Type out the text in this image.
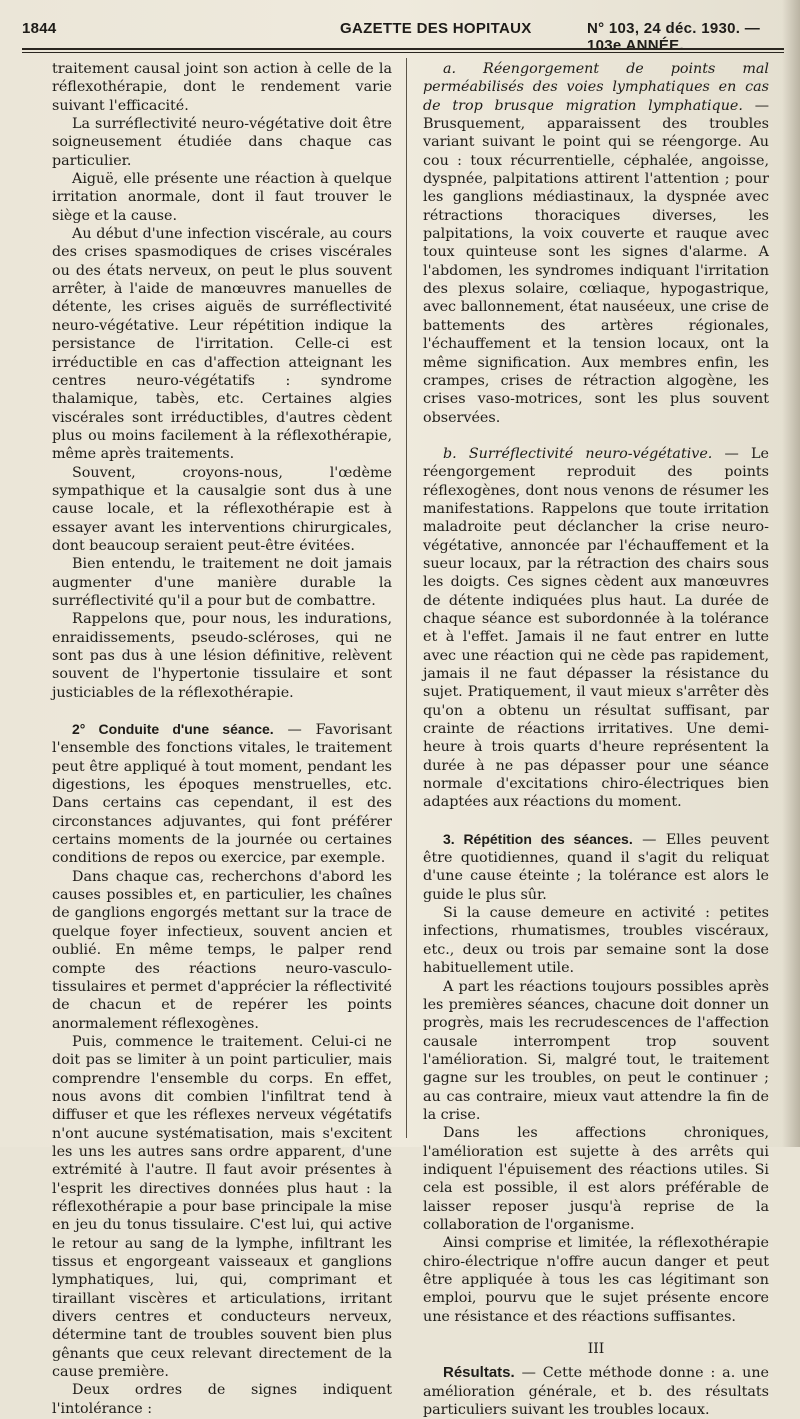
1844	GAZETTE DES HOPITAUX	N° 103, 24 déc. 1930. — 103e ANNÉE.

traitement causal joint son action à celle de la réflexothérapie, dont le rendement varie suivant l'efficacité.

La surréflectivité neuro-végétative doit être soigneusement étudiée dans chaque cas particulier.

Aiguë, elle présente une réaction à quelque irritation anormale, dont il faut trouver le siège et la cause.

Au début d'une infection viscérale, au cours des crises spasmodiques de crises viscérales ou des états nerveux, on peut le plus souvent arrêter, à l'aide de manœuvres manuelles de détente, les crises aiguës de surréflectivité neuro-végétative. Leur répétition indique la persistance de l'irritation. Celle-ci est irréductible en cas d'affection atteignant les centres neuro-végétatifs : syndrome thalamique, tabès, etc. Certaines algies viscérales sont irréductibles, d'autres cèdent plus ou moins facilement à la réflexothérapie, même après traitements.

Souvent, croyons-nous, l'œdème sympathique et la causalgie sont dus à une cause locale, et la réflexothérapie est à essayer avant les interventions chirurgicales, dont beaucoup seraient peut-être évitées.

Bien entendu, le traitement ne doit jamais augmenter d'une manière durable la surréflectivité qu'il a pour but de combattre.

Rappelons que, pour nous, les indurations, enraidissements, pseudo-scléroses, qui ne sont pas dus à une lésion définitive, relèvent souvent de l'hypertonie tissulaire et sont justiciables de la réflexothérapie.

2° Conduite d'une séance. — Favorisant l'ensemble des fonctions vitales, le traitement peut être appliqué à tout moment, pendant les digestions, les époques menstruelles, etc. Dans certains cas cependant, il est des circonstances adjuvantes, qui font préférer certains moments de la journée ou certaines conditions de repos ou exercice, par exemple.

Dans chaque cas, recherchons d'abord les causes possibles et, en particulier, les chaînes de ganglions engorgés mettant sur la trace de quelque foyer infectieux, souvent ancien et oublié. En même temps, le palper rend compte des réactions neuro-vasculo-tissulaires et permet d'apprécier la réflectivité de chacun et de repérer les points anormalement réflexogènes.

Puis, commence le traitement. Celui-ci ne doit pas se limiter à un point particulier, mais comprendre l'ensemble du corps. En effet, nous avons dit combien l'infiltrat tend à diffuser et que les réflexes nerveux végétatifs n'ont aucune systématisation, mais s'excitent les uns les autres sans ordre apparent, d'une extrémité à l'autre. Il faut avoir présentes à l'esprit les directives données plus haut : la réflexothérapie a pour base principale la mise en jeu du tonus tissulaire. C'est lui, qui active le retour au sang de la lymphe, infiltrant les tissus et engorgeant vaisseaux et ganglions lymphatiques, lui, qui, comprimant et tiraillant viscères et articulations, irritant divers centres et conducteurs nerveux, détermine tant de troubles souvent bien plus gênants que ceux relevant directement de la cause première.

Deux ordres de signes indiquent l'intolérance :

a. Réengorgement de points mal perméabilisés des voies lymphatiques en cas de trop brusque migration lymphatique. — Brusquement, apparaissent des troubles variant suivant le point qui se réengorge. Au cou : toux récurrentielle, céphalée, angoisse, dyspnée, palpitations attirent l'attention ; pour les ganglions médiastinaux, la dyspnée avec rétractions thoraciques diverses, les palpitations, la voix couverte et rauque avec toux quinteuse sont les signes d'alarme. A l'abdomen, les syndromes indiquant l'irritation des plexus solaire, cœliaque, hypogastrique, avec ballonnement, état nauséeux, une crise de battements des artères régionales, l'échauffement et la tension locaux, ont la même signification. Aux membres enfin, les crampes, crises de rétraction algogène, les crises vaso-motrices, sont les plus souvent observées.

b. Surréflectivité neuro-végétative. — Le réengorgement reproduit des points réflexogènes, dont nous venons de résumer les manifestations. Rappelons que toute irritation maladroite peut déclancher la crise neuro-végétative, annoncée par l'échauffement et la sueur locaux, par la rétraction des chairs sous les doigts. Ces signes cèdent aux manœuvres de détente indiquées plus haut. La durée de chaque séance est subordonnée à la tolérance et à l'effet. Jamais il ne faut entrer en lutte avec une réaction qui ne cède pas rapidement, jamais il ne faut dépasser la résistance du sujet. Pratiquement, il vaut mieux s'arrêter dès qu'on a obtenu un résultat suffisant, par crainte de réactions irritatives. Une demi-heure à trois quarts d'heure représentent la durée à ne pas dépasser pour une séance normale d'excitations chiro-électriques bien adaptées aux réactions du moment.

3. Répétition des séances. — Elles peuvent être quotidiennes, quand il s'agit du reliquat d'une cause éteinte ; la tolérance est alors le guide le plus sûr.

Si la cause demeure en activité : petites infections, rhumatismes, troubles viscéraux, etc., deux ou trois par semaine sont la dose habituellement utile.

A part les réactions toujours possibles après les premières séances, chacune doit donner un progrès, mais les recrudescences de l'affection causale interrompent trop souvent l'amélioration. Si, malgré tout, le traitement gagne sur les troubles, on peut le continuer ; au cas contraire, mieux vaut attendre la fin de la crise.

Dans les affections chroniques, l'amélioration est sujette à des arrêts qui indiquent l'épuisement des réactions utiles. Si cela est possible, il est alors préférable de laisser reposer jusqu'à reprise de la collaboration de l'organisme.

Ainsi comprise et limitée, la réflexothérapie chiro-électrique n'offre aucun danger et peut être appliquée à tous les cas légitimant son emploi, pourvu que le sujet présente encore une résistance et des réactions suffisantes.

III

Résultats. — Cette méthode donne : a. une amélioration générale, et b. des résultats particuliers suivant les troubles locaux.
